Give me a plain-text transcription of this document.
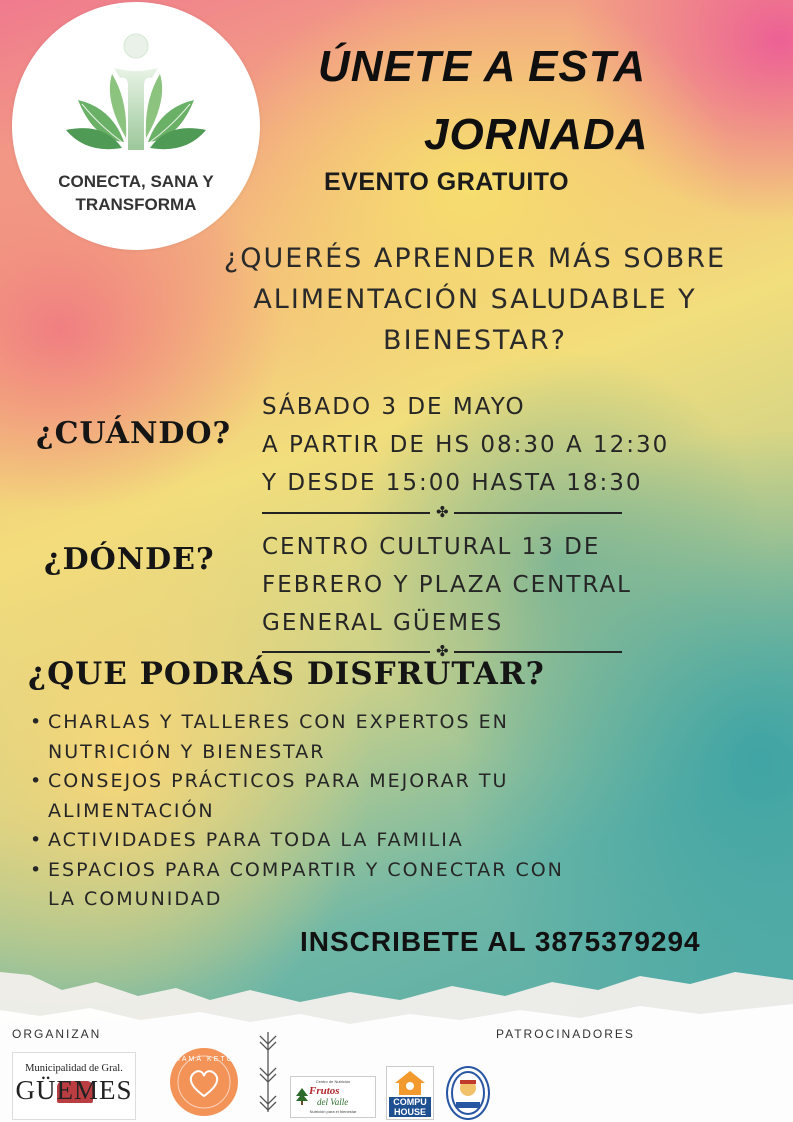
CONECTA, SANA Y
TRANSFORMA

ÚNETE A ESTA

JORNADA

EVENTO GRATUITO

¿QUERÉS APRENDER MÁS SOBRE
ALIMENTACIÓN SALUDABLE Y
BIENESTAR?

¿CUÁNDO?

SÁBADO 3 DE MAYO
A PARTIR DE HS 08:30 A 12:30
Y DESDE 15:00 HASTA 18:30
✤

¿DÓNDE? CENTRO CULTURAL 13 DE
FEBRERO Y PLAZA CENTRAL
GENERAL GÜEMES
✤

¿QUE PODRÁS DISFRUTAR?

• CHARLAS Y TALLERES CON EXPERTOS EN
NUTRICIÓN Y BIENESTAR
• CONSEJOS PRÁCTICOS PARA MEJORAR TU
ALIMENTACIÓN
• ACTIVIDADES PARA TODA LA FAMILIA
• ESPACIOS PARA COMPARTIR Y CONECTAR CON
LA COMUNIDAD

INSCRIBETE AL 3875379294

ORGANIZAN	PATROCINADORES

Municipalidad de Gral.
GÜEMES
MAMÁ KETO
Centro de Nutrición
Frutos
del Valle
Nutrición para el bienestar
COMPU
HOUSE
